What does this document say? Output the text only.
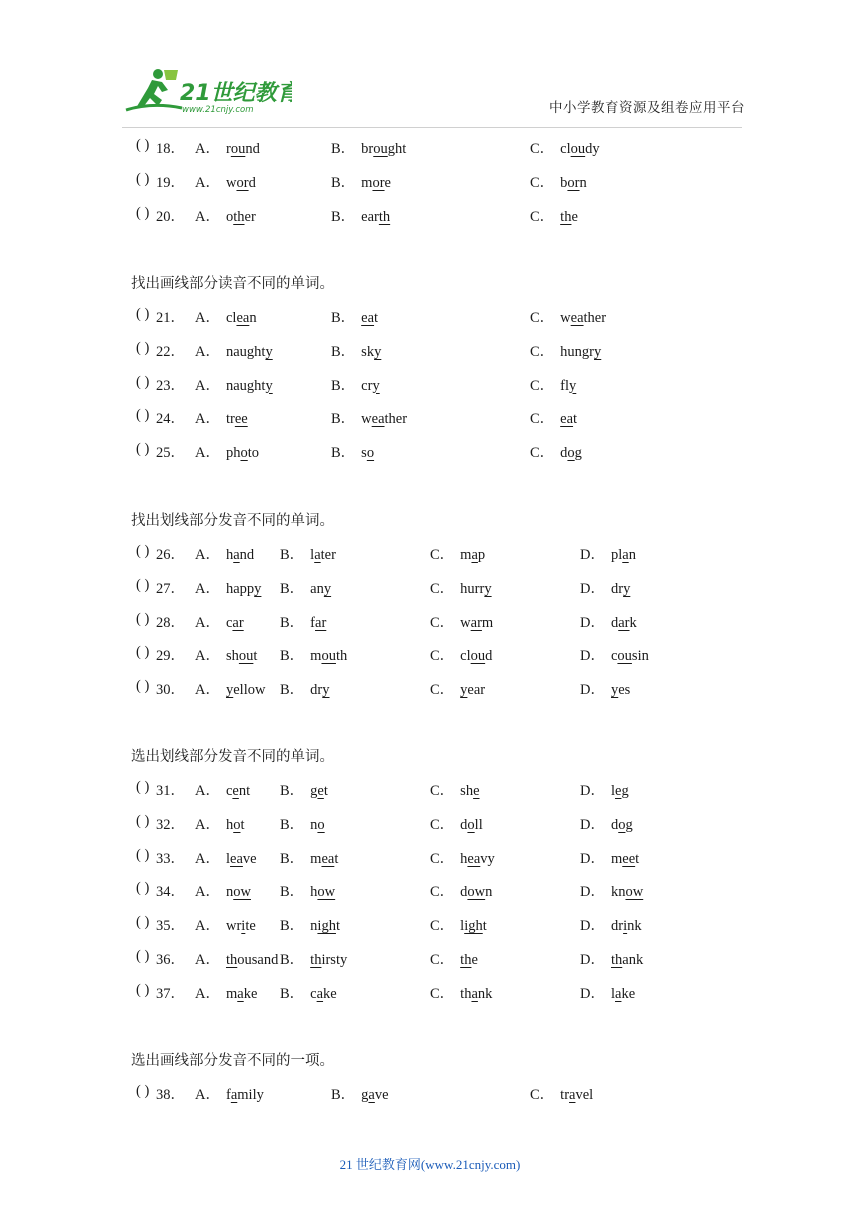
21世纪教育
www.21cnjy.com	中小学教育资源及组卷应用平台
( ) 18． A． round	B． brought	C． cloudy
( ) 19． A． word	B． more	C． born
( ) 20． A． other	B． earth	C． the
找出画线部分读音不同的单词。
( ) 21． A． clean	B． eat	C． weather
( ) 22． A． naughty	B． sky	C． hungry
( ) 23． A． naughty	B． cry	C． fly
( ) 24． A． tree	B． weather	C． eat
( ) 25． A． photo	B． so	C． dog
找出划线部分发音不同的单词。
( ) 26． A． hand B． later	C． map	D． plan
( ) 27． A． happy B． any	C． hurry	D． dry
( ) 28． A． car	B． far	C． warm	D． dark
( ) 29． A． shout B． mouth	C． cloud	D． cousin
( ) 30． A． yellow B． dry	C． year	D． yes
选出划线部分发音不同的单词。
( ) 31． A． cent B． get	C． she	D． leg
( ) 32． A． hot B． no	C． doll	D． dog
( ) 33． A． leave B． meat	C． heavy	D． meet
( ) 34． A． now B． how	C． down	D． know
( ) 35． A． write B． night	C． light	D． drink
( ) 36． A． thousand B． thirsty	C． the	D． thank
( ) 37． A． make B． cake	C． thank	D． lake
选出画线部分发音不同的一项。
( ) 38． A． family	B． gave	C． travel
21 世纪教育网(www.21cnjy.com)
